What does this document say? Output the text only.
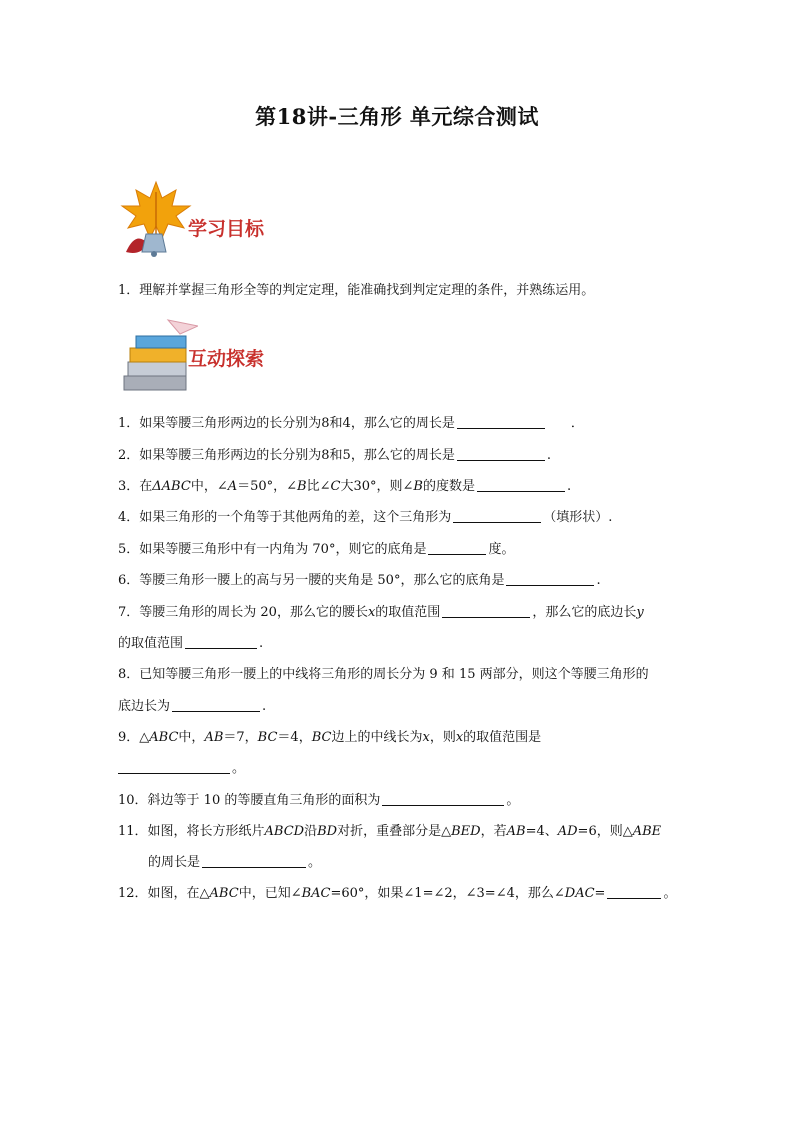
第18讲-三角形 单元综合测试
学习目标
1．理解并掌握三角形全等的判定定理，能准确找到判定定理的条件，并熟练运用。
互动探索
1．如果等腰三角形两边的长分别为8和4，那么它的周长是	．
2．如果等腰三角形两边的长分别为8和5，那么它的周长是	.
3．在ΔABC中，∠A＝50°，∠B比∠C大30°，则∠B的度数是	.
4．如果三角形的一个角等于其他两角的差，这个三角形为	（填形状）.
5．如果等腰三角形中有一内角为 70°，则它的底角是	度。
6．等腰三角形一腰上的高与另一腰的夹角是 50°，那么它的底角是	.
7．等腰三角形的周长为 20，那么它的腰长x的取值范围	，那么它的底边长y
的取值范围	.
8．已知等腰三角形一腰上的中线将三角形的周长分为 9 和 15 两部分，则这个等腰三角形的
底边长为	.
9．△ABC中，AB＝7，BC＝4，BC边上的中线长为x，则x的取值范围是
。
10．斜边等于 10 的等腰直角三角形的面积为	。
11．如图，将长方形纸片ABCD沿BD对折，重叠部分是△BED，若AB=4、AD=6，则△ABE
的周长是	。
12．如图，在△ABC中，已知∠BAC=60°，如果∠1=∠2，∠3=∠4，那么∠DAC=	。
